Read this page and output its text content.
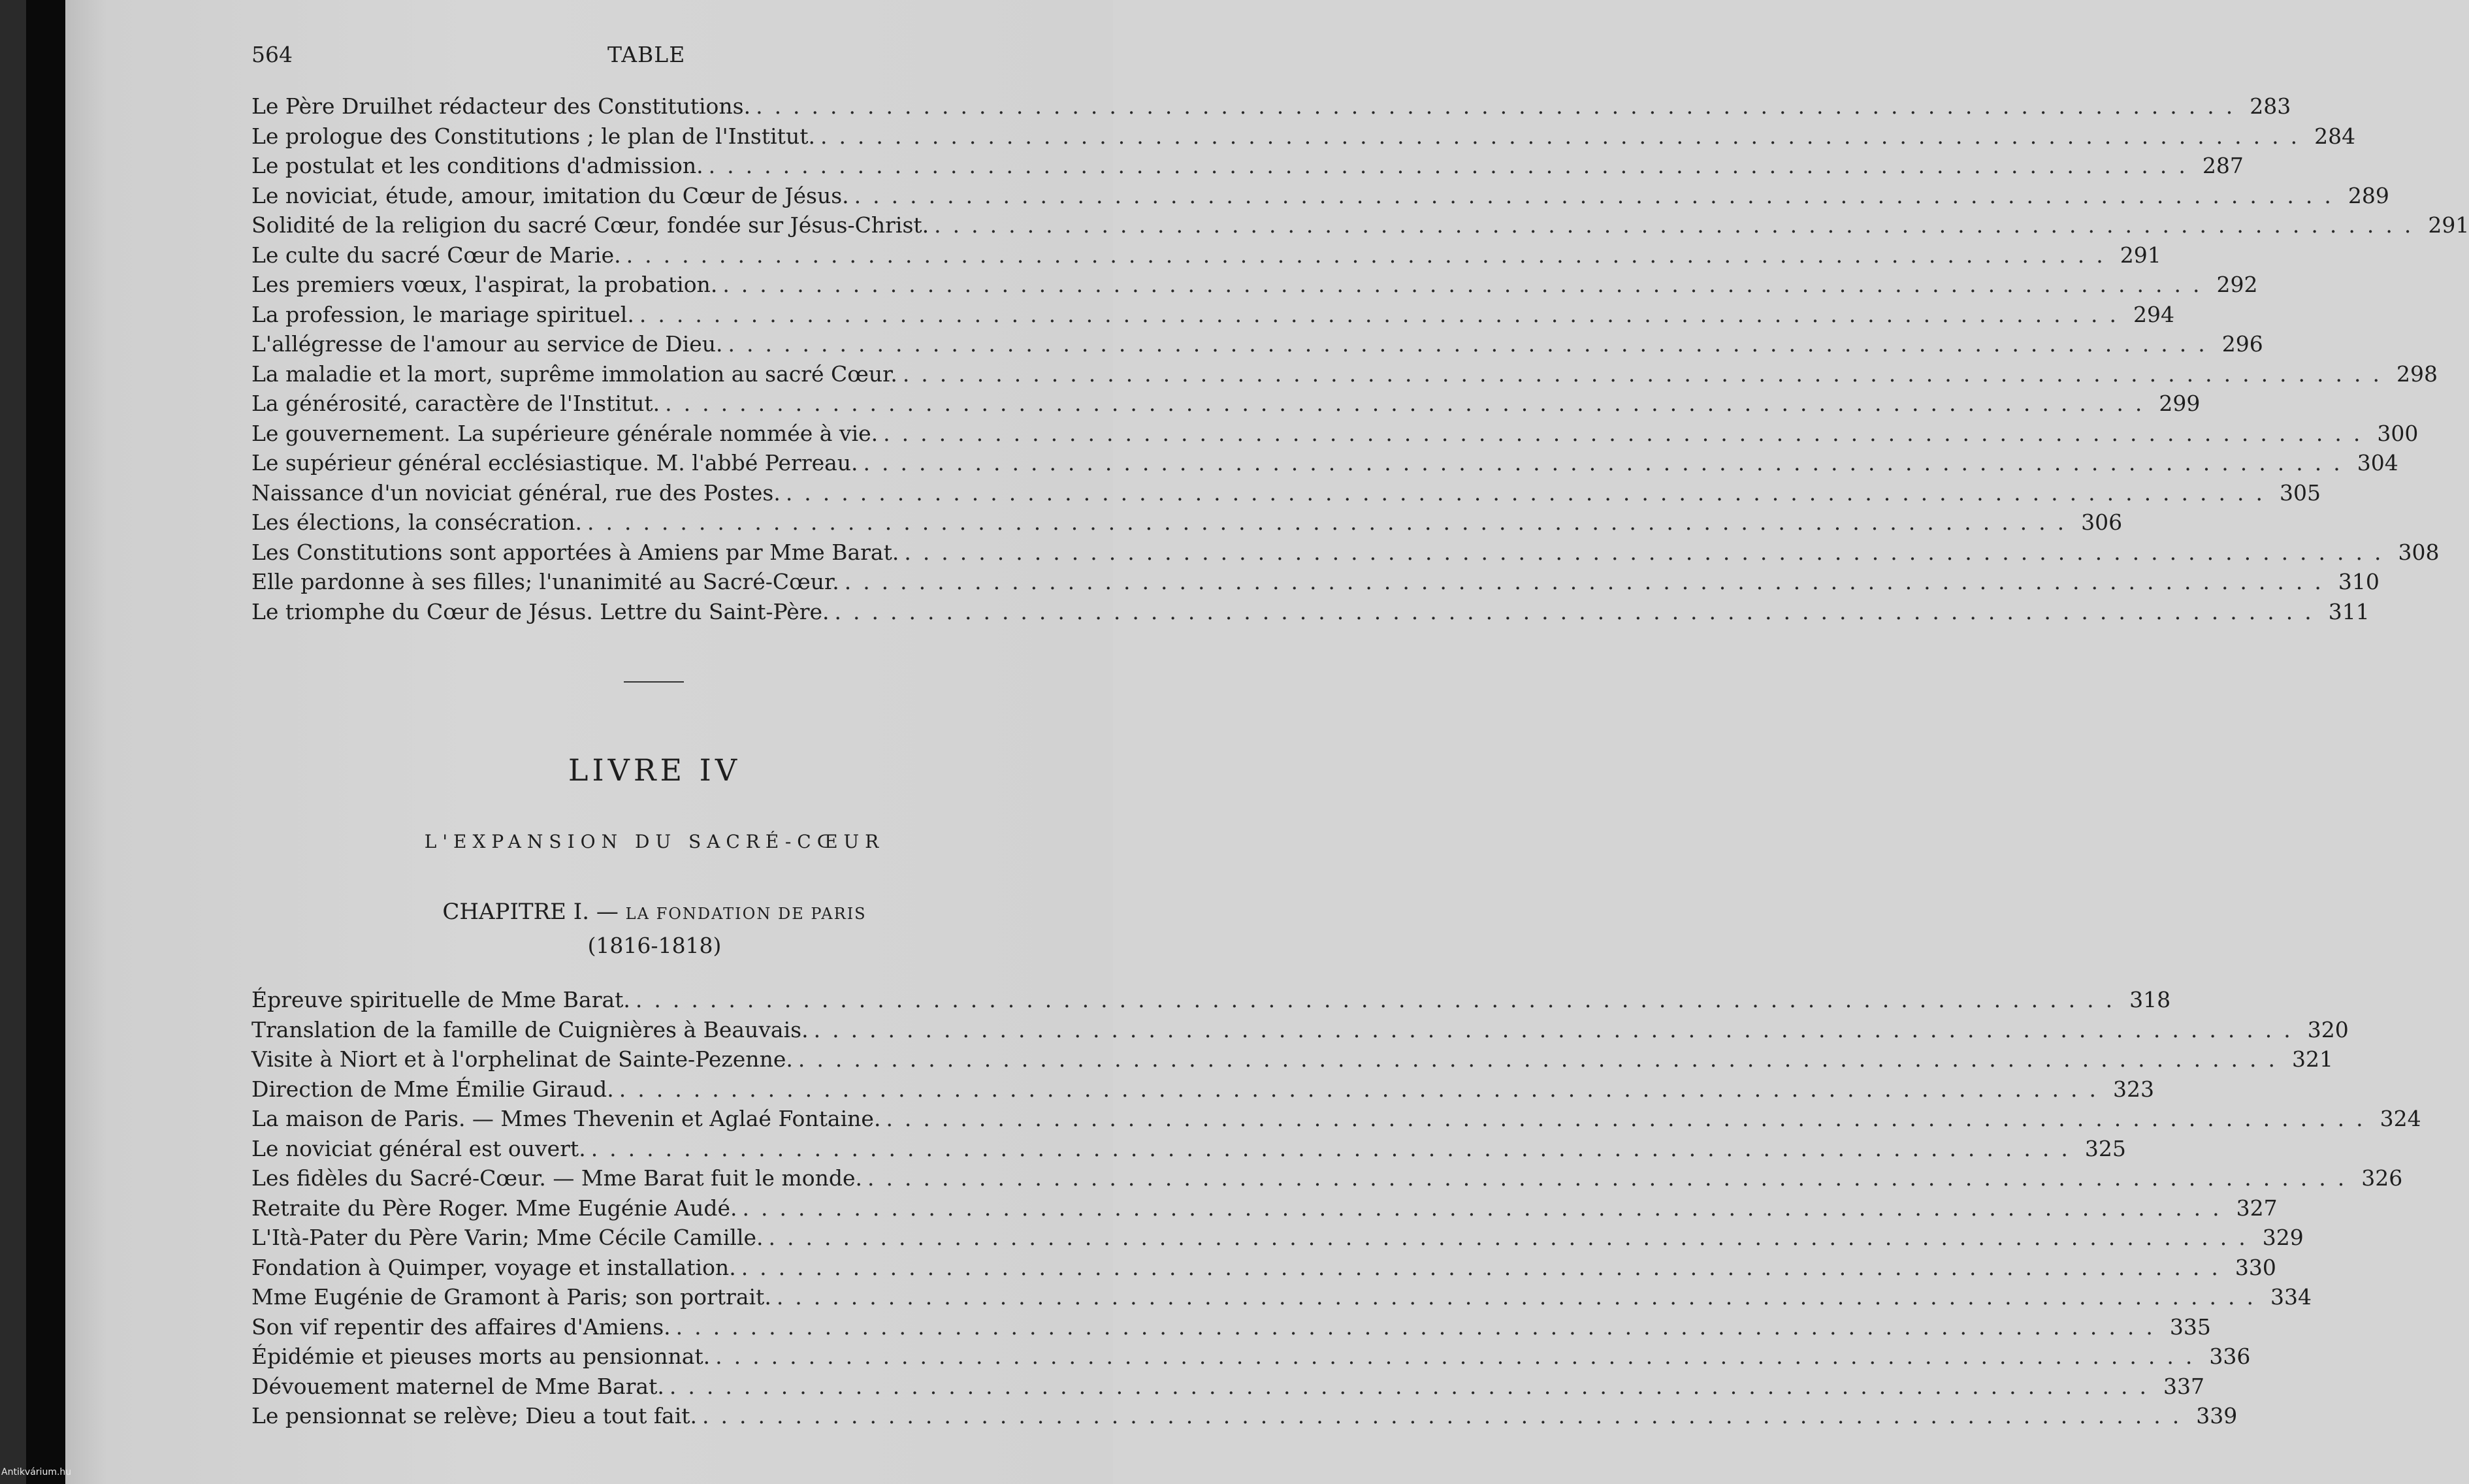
564	TABLE
Le Père Druilhet rédacteur des Constitutions. ................................................................................ 283
Le prologue des Constitutions ; le plan de l'Institut. ................................................................................ 284
Le postulat et les conditions d'admission. ................................................................................ 287
Le noviciat, étude, amour, imitation du Cœur de Jésus. ................................................................................ 289
Solidité de la religion du sacré Cœur, fondée sur Jésus-Christ. ................................................................................ 291
Le culte du sacré Cœur de Marie. ................................................................................ 291
Les premiers vœux, l'aspirat, la probation. ................................................................................ 292
La profession, le mariage spirituel. ................................................................................ 294
L'allégresse de l'amour au service de Dieu. ................................................................................ 296
La maladie et la mort, suprême immolation au sacré Cœur. ................................................................................ 298
La générosité, caractère de l'Institut. ................................................................................ 299
Le gouvernement. La supérieure générale nommée à vie. ................................................................................ 300
Le supérieur général ecclésiastique. M. l'abbé Perreau. ................................................................................ 304
Naissance d'un noviciat général, rue des Postes. ................................................................................ 305
Les élections, la consécration. ................................................................................ 306
Les Constitutions sont apportées à Amiens par Mme Barat. ................................................................................ 308
Elle pardonne à ses filles; l'unanimité au Sacré-Cœur. ................................................................................ 310
Le triomphe du Cœur de Jésus. Lettre du Saint-Père. ................................................................................ 311
LIVRE IV
L'EXPANSION DU SACRÉ-CŒUR
CHAPITRE I. — LA FONDATION DE PARIS
(1816-1818)
Épreuve spirituelle de Mme Barat. ................................................................................ 318
Translation de la famille de Cuignières à Beauvais. ................................................................................ 320
Visite à Niort et à l'orphelinat de Sainte-Pezenne. ................................................................................ 321
Direction de Mme Émilie Giraud. ................................................................................ 323
La maison de Paris. — Mmes Thevenin et Aglaé Fontaine. ................................................................................ 324
Le noviciat général est ouvert. ................................................................................ 325
Les fidèles du Sacré-Cœur. — Mme Barat fuit le monde. ................................................................................ 326
Retraite du Père Roger. Mme Eugénie Audé. ................................................................................ 327
L'Ità-Pater du Père Varin; Mme Cécile Camille. ................................................................................ 329
Fondation à Quimper, voyage et installation. ................................................................................ 330
Mme Eugénie de Gramont à Paris; son portrait. ................................................................................ 334
Son vif repentir des affaires d'Amiens. ................................................................................ 335
Épidémie et pieuses morts au pensionnat. ................................................................................ 336
Dévouement maternel de Mme Barat. ................................................................................ 337
Le pensionnat se relève; Dieu a tout fait. ................................................................................ 339
Antikvárium.hu
